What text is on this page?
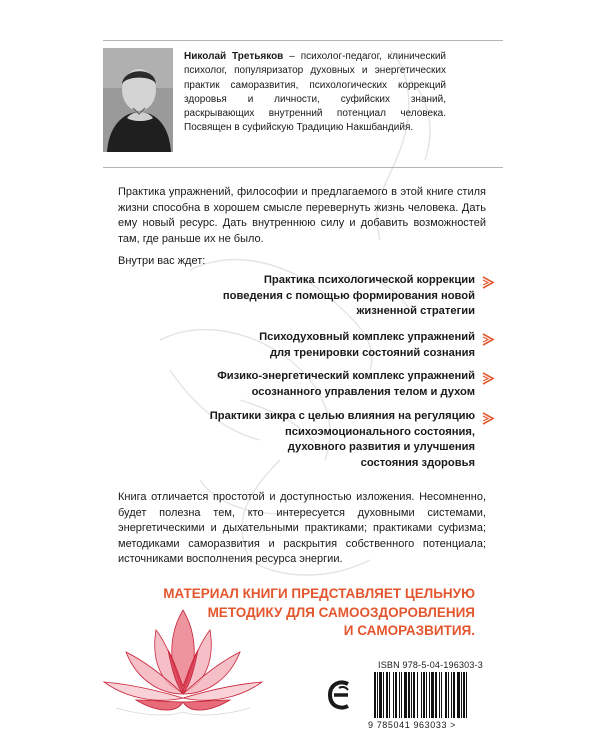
Николай Третьяков – психолог-педагог, клинический психолог, популяризатор духовных и энергетических практик саморазвития, психологических коррекций здоровья и личности, суфийских знаний, раскрывающих внутренний потенциал человека. Посвящен в суфийскую Традицию Накшбандийя.
Практика упражнений, философии и предлагаемого в этой книге стиля жизни способна в хорошем смысле перевернуть жизнь человека. Дать ему новый ресурс. Дать внутреннюю силу и добавить возможностей там, где раньше их не было.
Внутри вас ждет:
Практика психологической коррекции
поведения с помощью формирования новой
жизненной стратегии
Психодуховный комплекс упражнений
для тренировки состояний сознания
Физико-энергетический комплекс упражнений
осознанного управления телом и духом
Практики зикра с целью влияния на регуляцию
психоэмоционального состояния,
духовного развития и улучшения
состояния здоровья
Книга отличается простотой и доступностью изложения. Несомненно, будет полезна тем, кто интересуется духовными системами, энергетическими и дыхательными практиками; практиками суфизма; методиками саморазвития и раскрытия собственного потенциала; источниками восполнения ресурса энергии.
МАТЕРИАЛ КНИГИ ПРЕДСТАВЛЯЕТ ЦЕЛЬНУЮ
МЕТОДИКУ ДЛЯ САМООЗДОРОВЛЕНИЯ
И САМОРАЗВИТИЯ.
ISBN 978-5-04-196303-3
9 785041 963033 >
